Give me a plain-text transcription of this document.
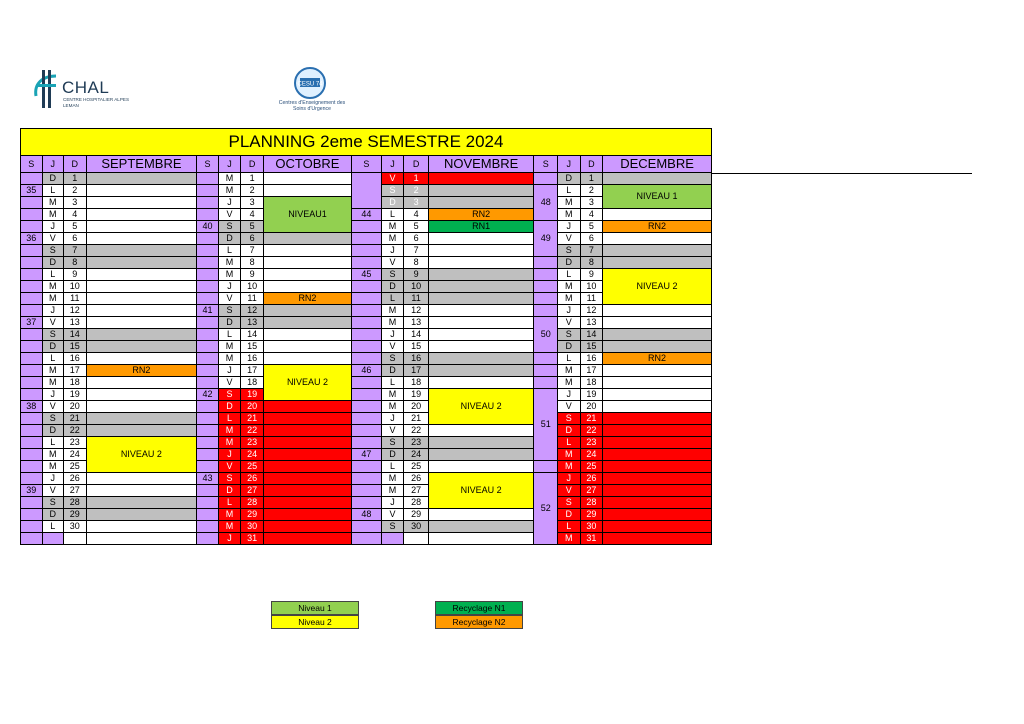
CHAL
CENTRE HOSPITALIER ALPES LEMAN
CESU 74
Centres d'Enseignement des Soins d'Urgence
PLANNING 2eme SEMESTRE 2024															
S	J	D	SEPTEMBRE	S	J	D	OCTOBRE	S	J	D	NOVEMBRE	S	J	D	DECEMBRE
	D	1			M	1			V	1			D	1	
35	L	2			M	2			S	2		48	L	2	NIVEAU 1
	M	3			J	3	NIVEAU1		D	3			M	3	
	M	4			V	4		44	L	4	RN2		M	4	
	J	5		40	S	5			M	5	RN1	49	J	5	RN2
36	V	6			D	6			M	6			V	6	
	S	7			L	7			J	7			S	7	
	D	8			M	8			V	8			D	8	
	L	9			M	9		45	S	9			L	9	NIVEAU 2
	M	10			J	10			D	10			M	10	
	M	11			V	11	RN2		L	11			M	11	
	J	12		41	S	12			M	12			J	12	
37	V	13			D	13			M	13		50	V	13	
	S	14			L	14			J	14			S	14	
	D	15			M	15			V	15			D	15	
	L	16			M	16			S	16			L	16	RN2
	M	17	RN2		J	17	NIVEAU 2	46	D	17			M	17	
	M	18			V	18			L	18			M	18	
	J	19		42	S	19			M	19	NIVEAU 2	51	J	19	
38	V	20			D	20			M	20			V	20	
	S	21			L	21			J	21			S	21	
	D	22			M	22			V	22			D	22	
	L	23	NIVEAU 2		M	23			S	23			L	23	
	M	24			J	24		47	D	24			M	24	
	M	25			V	25			L	25			M	25	
	J	26		43	S	26			M	26	NIVEAU 2	52	J	26	
39	V	27			D	27			M	27			V	27	
	S	28			L	28			J	28			S	28	
	D	29			M	29		48	V	29			D	29	
	L	30			M	30			S	30			L	30	
					J	31							M	31	
Niveau 1
Niveau 2
Recyclage N1
Recyclage N2
